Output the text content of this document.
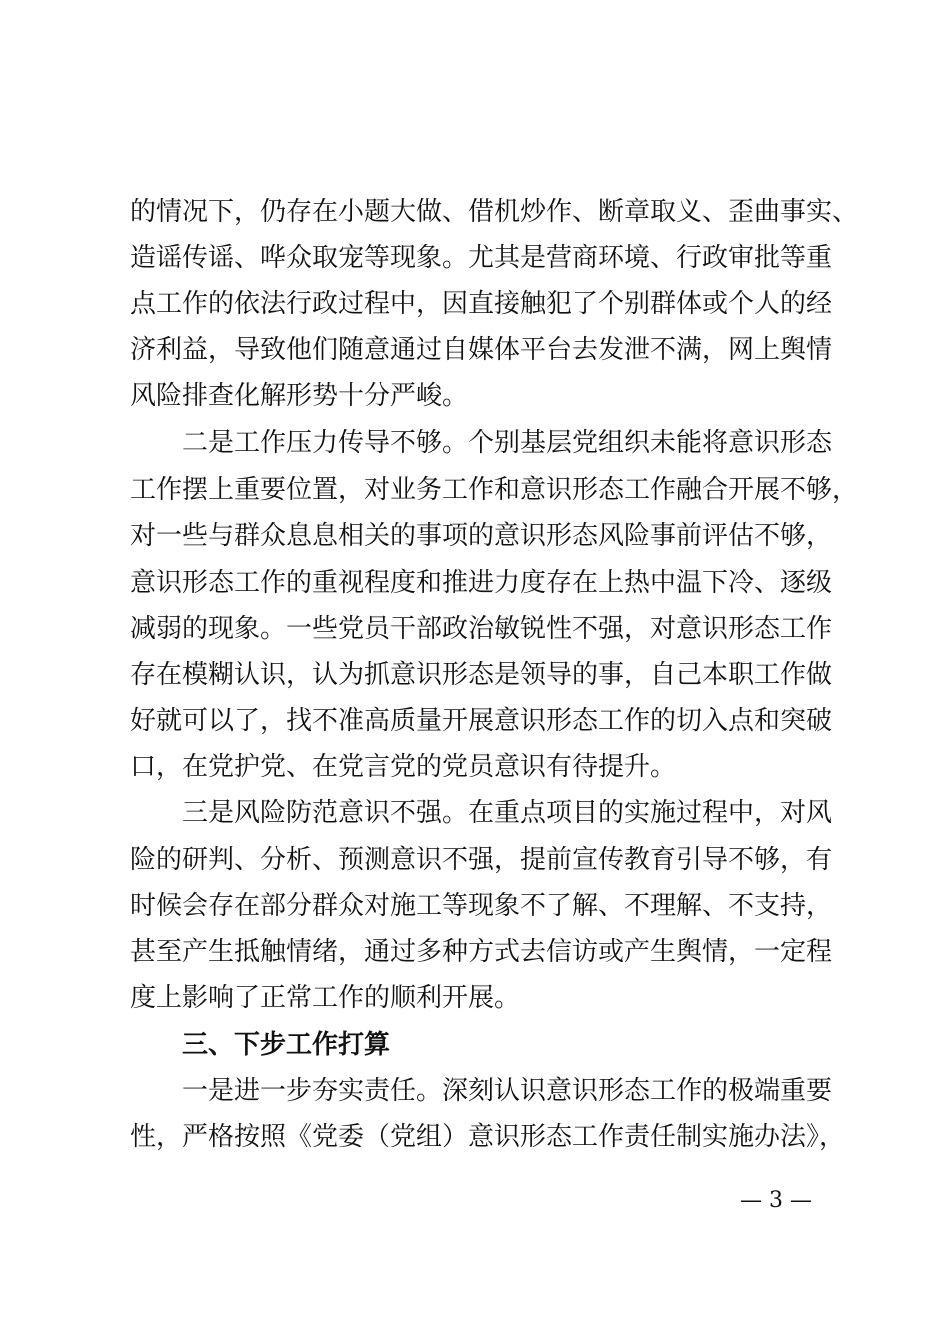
的情况下，仍存在小题大做、借机炒作、断章取义、歪曲事实、
造谣传谣、哗众取宠等现象。尤其是营商环境、行政审批等重
点工作的依法行政过程中，因直接触犯了个别群体或个人的经
济利益，导致他们随意通过自媒体平台去发泄不满，网上舆情
风险排查化解形势十分严峻。
　　二是工作压力传导不够。个别基层党组织未能将意识形态
工作摆上重要位置，对业务工作和意识形态工作融合开展不够，
对一些与群众息息相关的事项的意识形态风险事前评估不够，
意识形态工作的重视程度和推进力度存在上热中温下冷、逐级
减弱的现象。一些党员干部政治敏锐性不强，对意识形态工作
存在模糊认识，认为抓意识形态是领导的事，自己本职工作做
好就可以了，找不准高质量开展意识形态工作的切入点和突破
口，在党护党、在党言党的党员意识有待提升。
　　三是风险防范意识不强。在重点项目的实施过程中，对风
险的研判、分析、预测意识不强，提前宣传教育引导不够，有
时候会存在部分群众对施工等现象不了解、不理解、不支持，
甚至产生抵触情绪，通过多种方式去信访或产生舆情，一定程
度上影响了正常工作的顺利开展。
　　三、下步工作打算
　　一是进一步夯实责任。深刻认识意识形态工作的极端重要
性，严格按照《党委（党组）意识形态工作责任制实施办法》，
— 3 —
